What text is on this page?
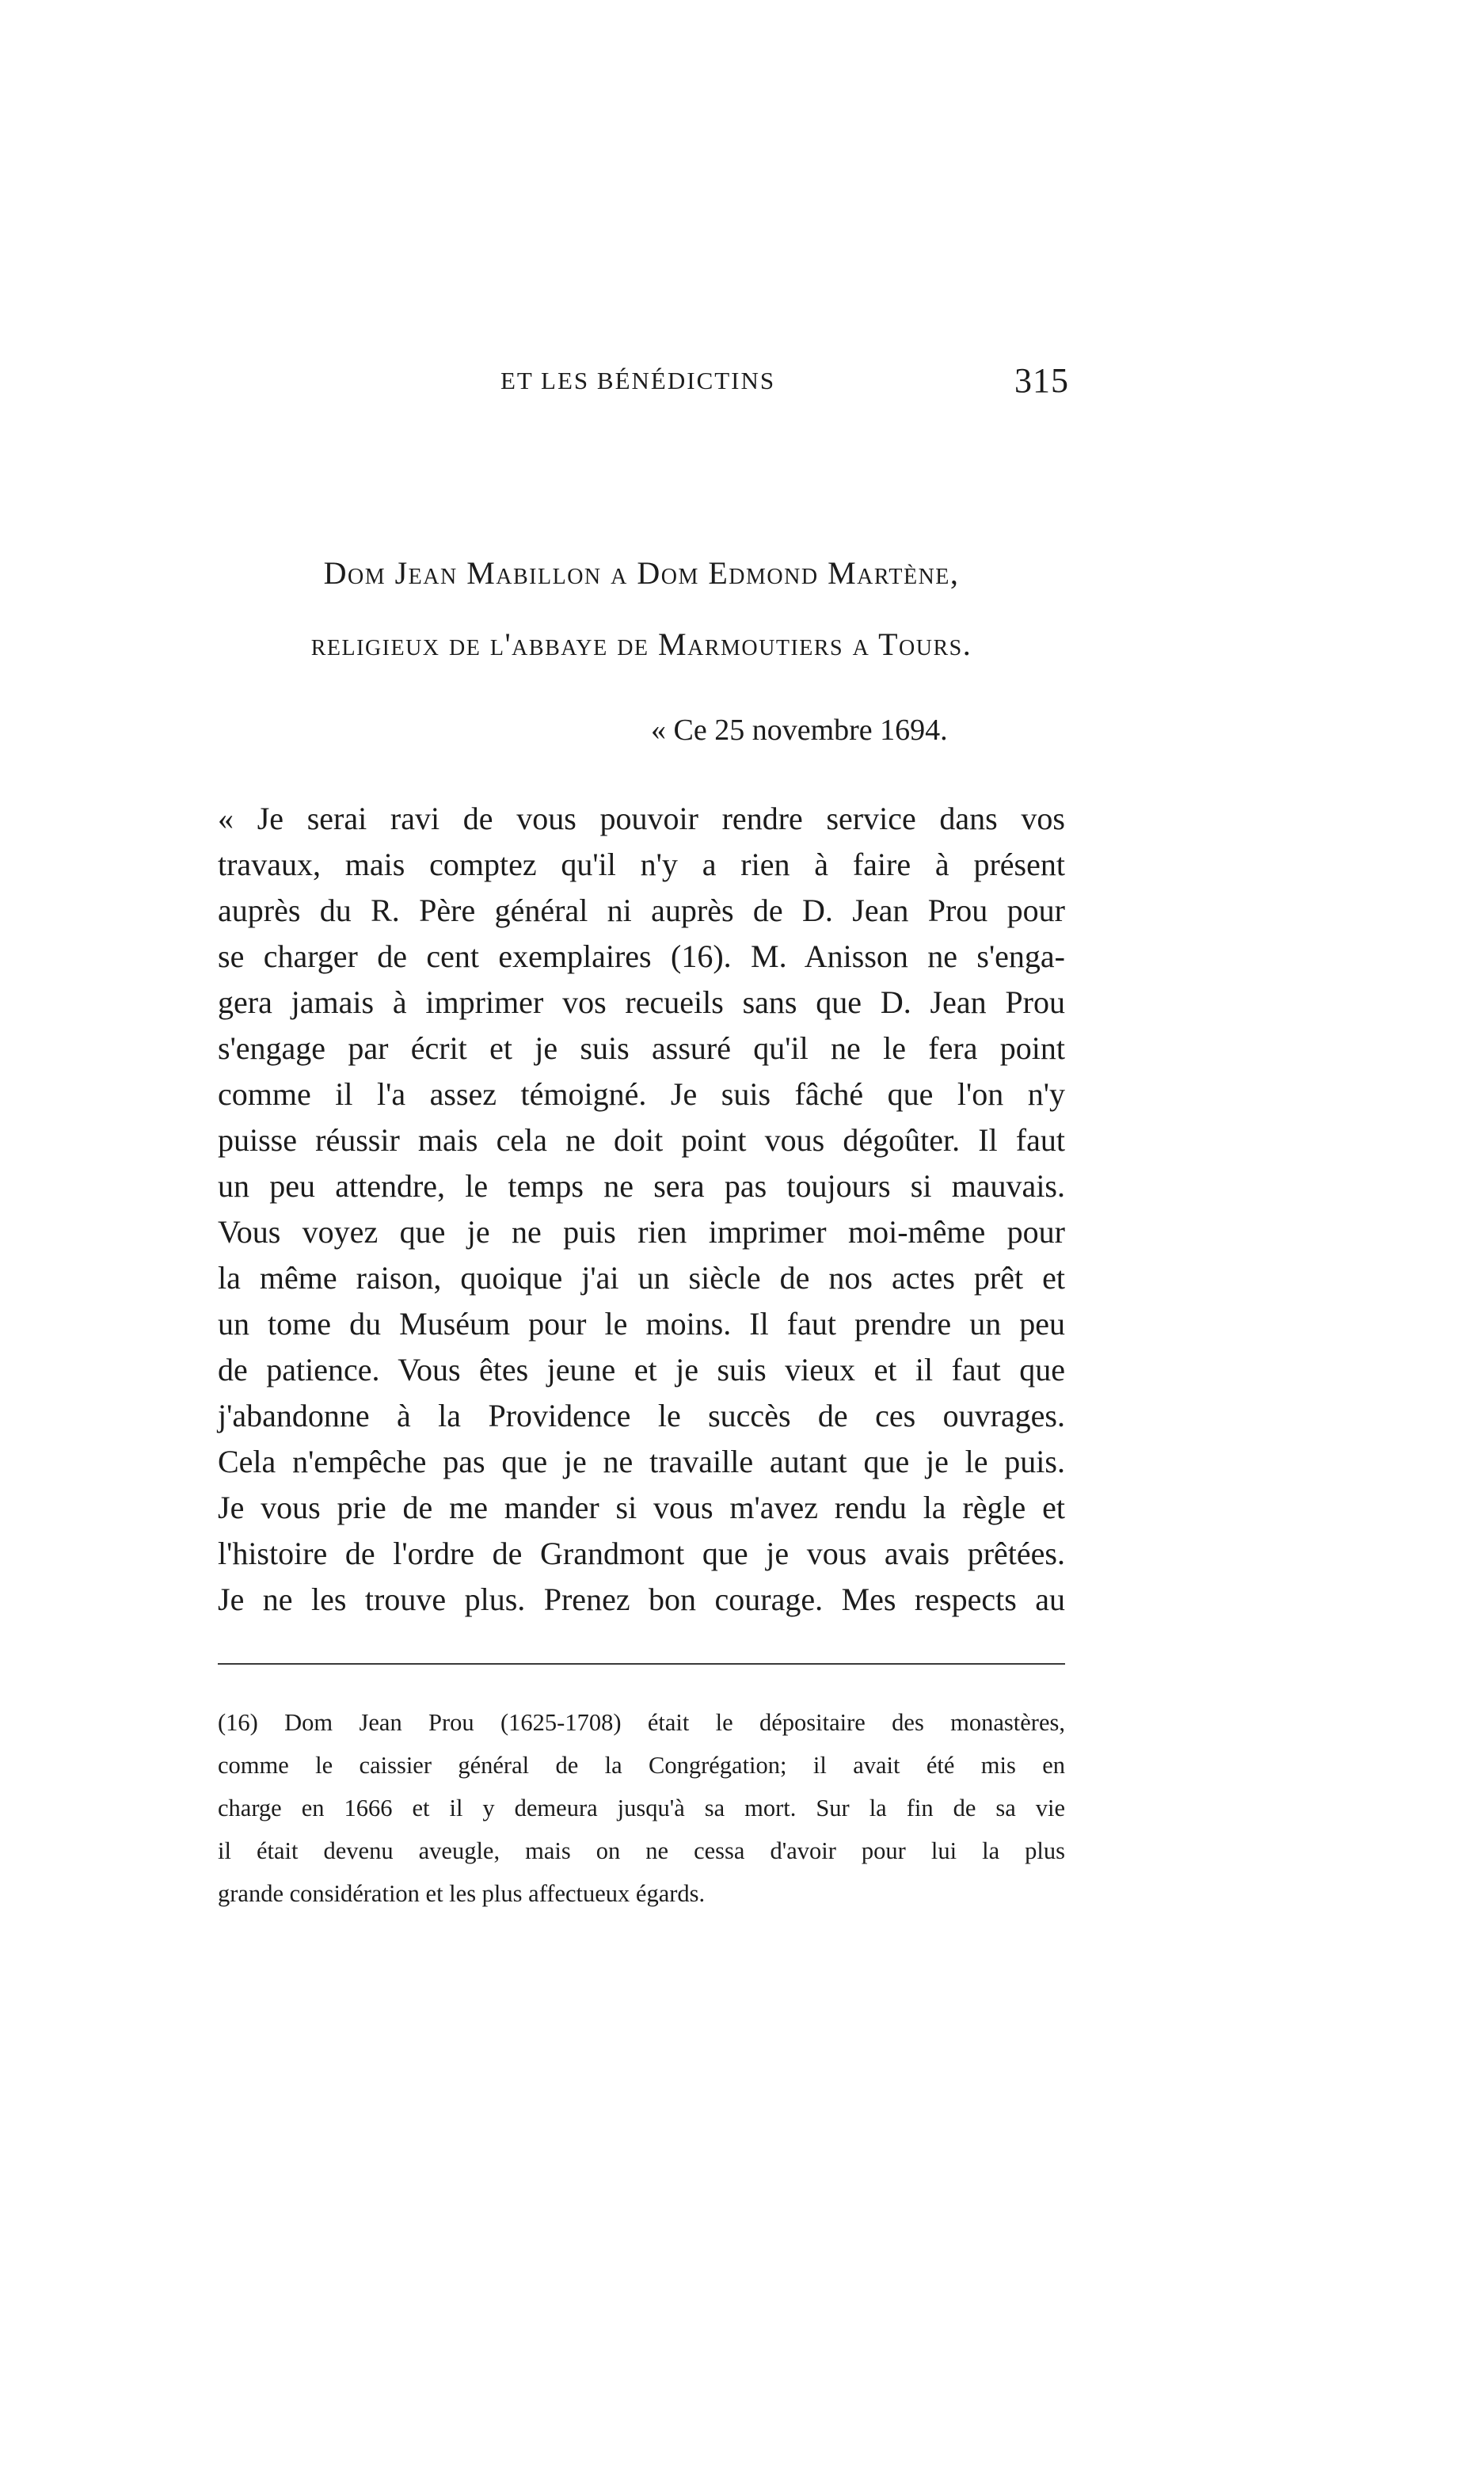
ET LES BÉNÉDICTINS	315
Dom Jean Mabillon a Dom Edmond Martène,
religieux de l'abbaye de Marmoutiers a Tours.
« Ce 25 novembre 1694.

« Je serai ravi de vous pouvoir rendre service dans vos
travaux, mais comptez qu'il n'y a rien à faire à présent
auprès du R. Père général ni auprès de D. Jean Prou pour
se charger de cent exemplaires (16). M. Anisson ne s'enga-
gera jamais à imprimer vos recueils sans que D. Jean Prou
s'engage par écrit et je suis assuré qu'il ne le fera point
comme il l'a assez témoigné. Je suis fâché que l'on n'y
puisse réussir mais cela ne doit point vous dégoûter. Il faut
un peu attendre, le temps ne sera pas toujours si mauvais.
Vous voyez que je ne puis rien imprimer moi-même pour
la même raison, quoique j'ai un siècle de nos actes prêt et
un tome du Muséum pour le moins. Il faut prendre un peu
de patience. Vous êtes jeune et je suis vieux et il faut que
j'abandonne à la Providence le succès de ces ouvrages.
Cela n'empêche pas que je ne travaille autant que je le puis.
Je vous prie de me mander si vous m'avez rendu la règle et
l'histoire de l'ordre de Grandmont que je vous avais prêtées.
Je ne les trouve plus. Prenez bon courage. Mes respects au

(16) Dom Jean Prou (1625-1708) était le dépositaire des monastères,
comme le caissier général de la Congrégation; il avait été mis en
charge en 1666 et il y demeura jusqu'à sa mort. Sur la fin de sa vie
il était devenu aveugle, mais on ne cessa d'avoir pour lui la plus
grande considération et les plus affectueux égards.
